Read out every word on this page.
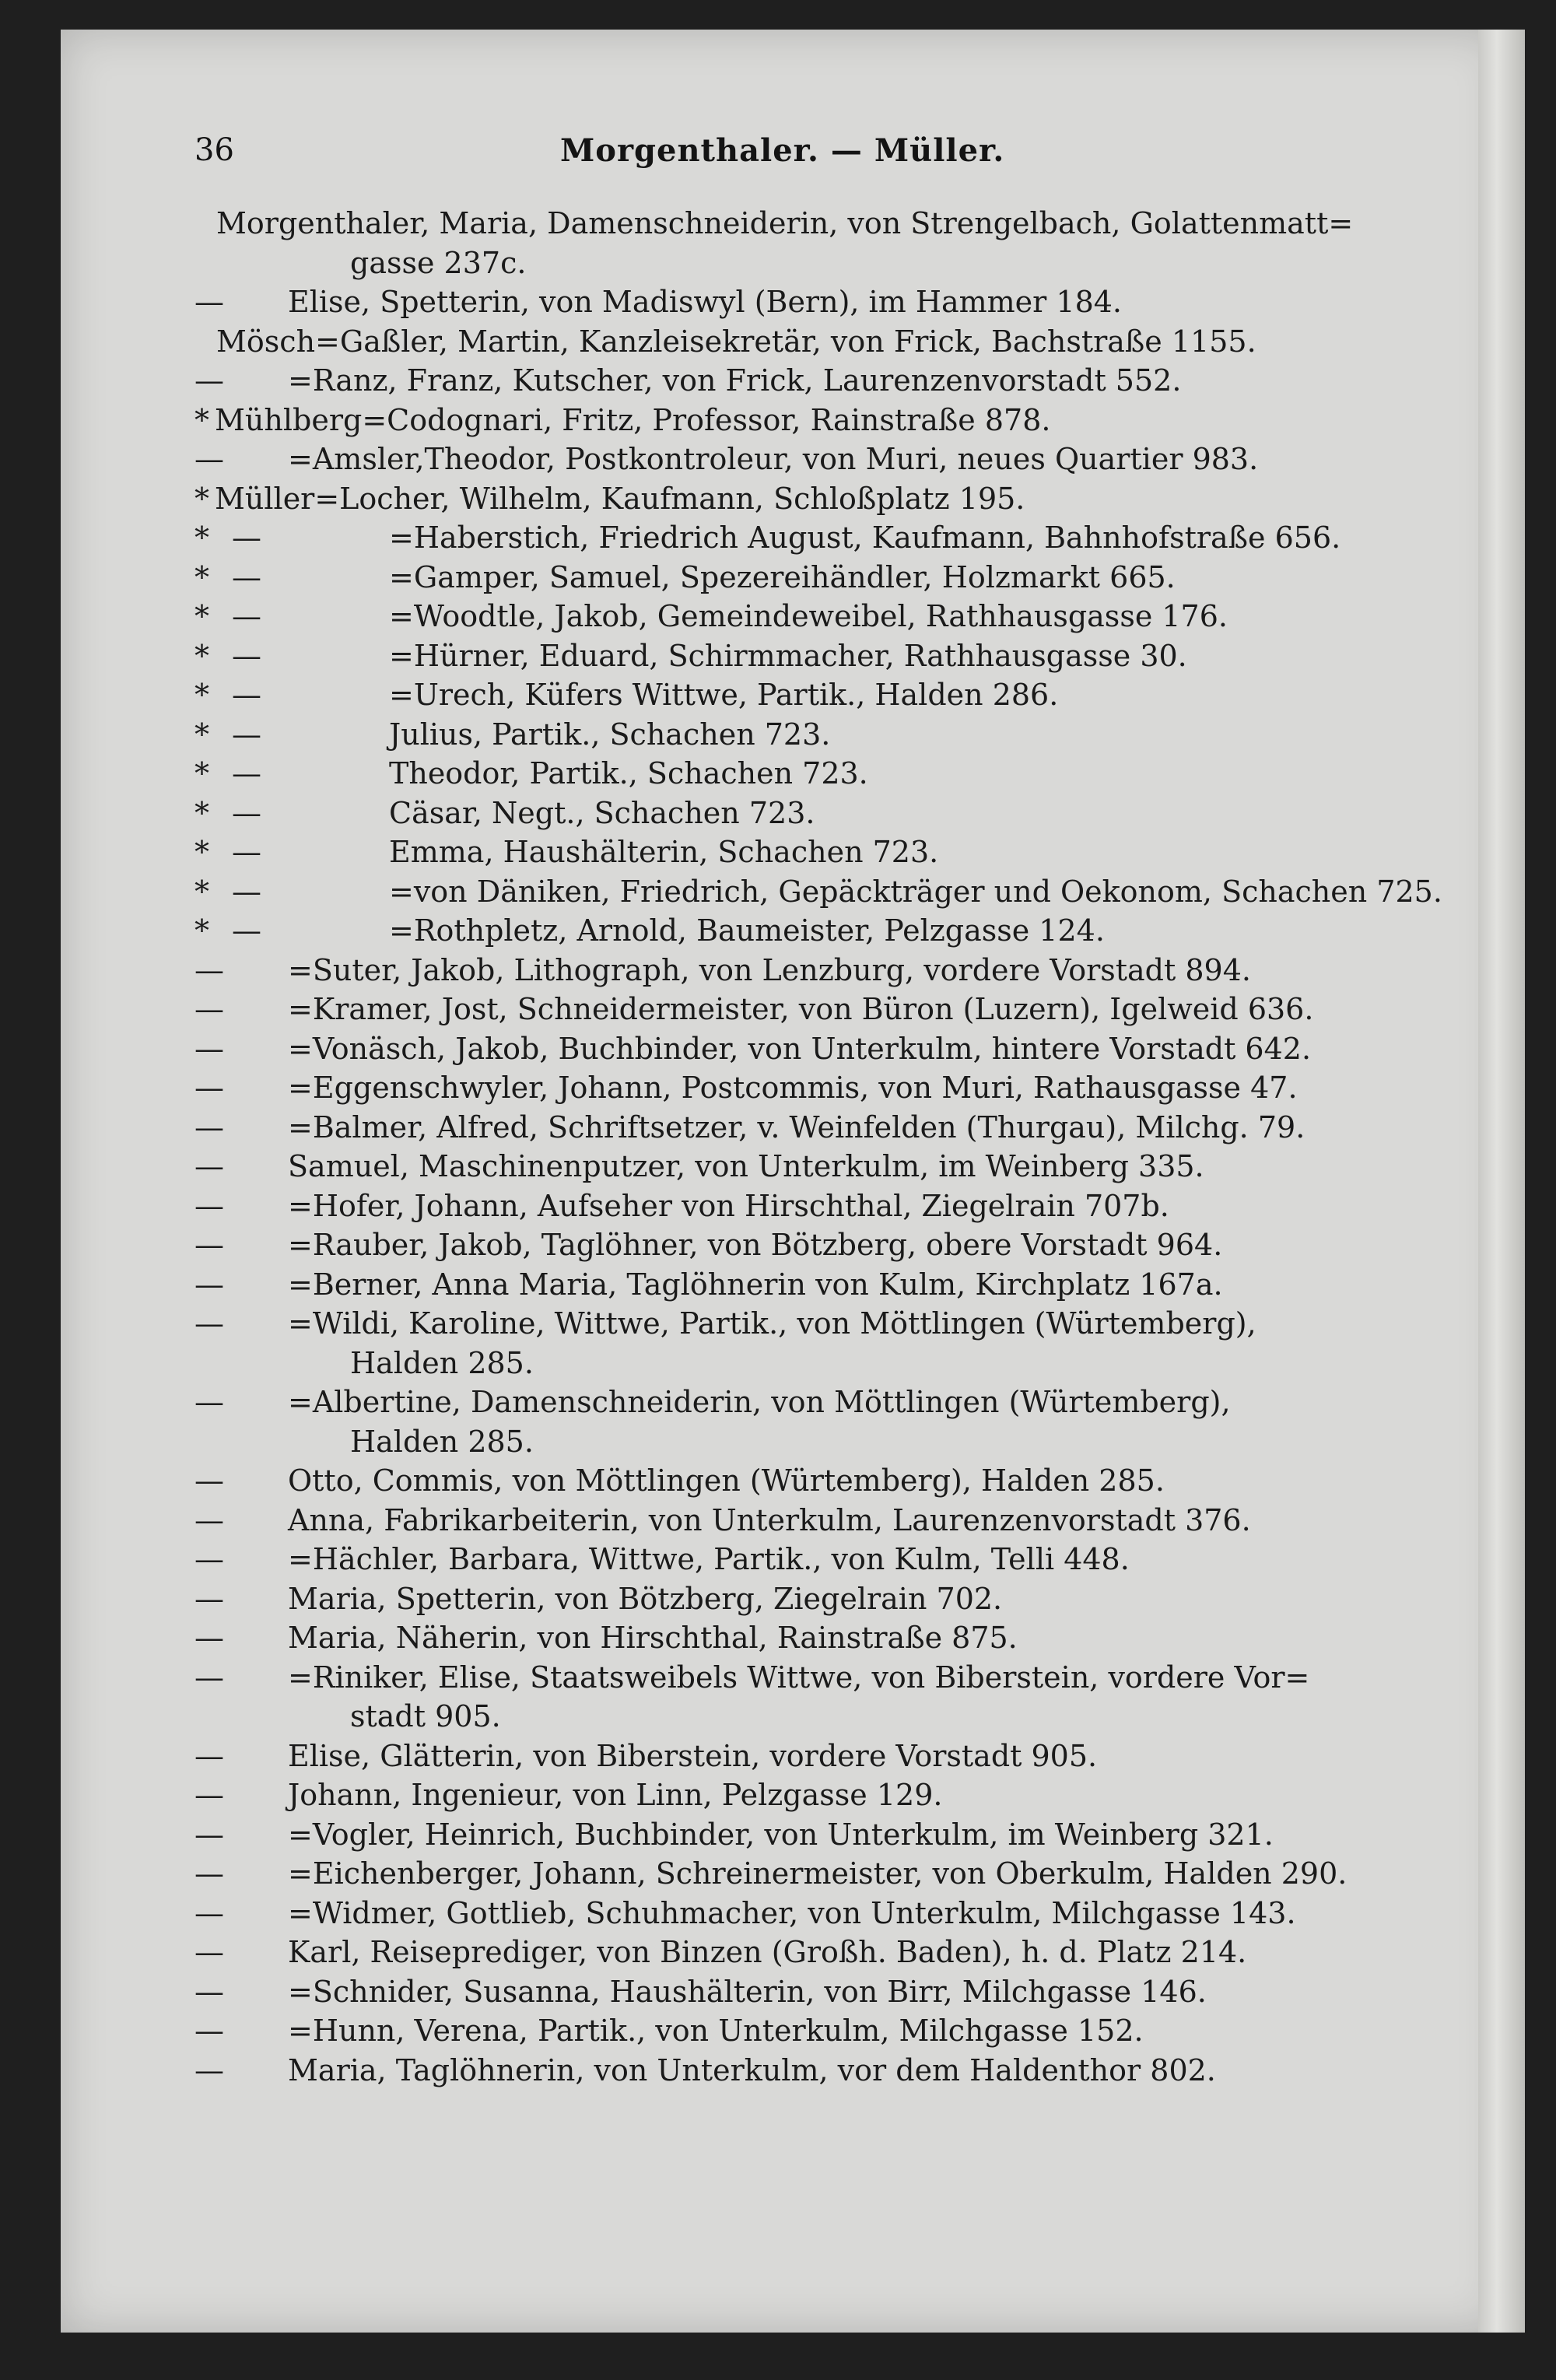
36	Morgenthaler. — Müller.
Morgenthaler, Maria, Damenschneiderin, von Strengelbach, Golattenmatt=
gasse 237c.
— Elise, Spetterin, von Madiswyl (Bern), im Hammer 184.
Mösch=Gaßler, Martin, Kanzleisekretär, von Frick, Bachstraße 1155.
— =Ranz, Franz, Kutscher, von Frick, Laurenzenvorstadt 552.
* Mühlberg=Codognari, Fritz, Professor, Rainstraße 878.
— =Amsler,Theodor, Postkontroleur, von Muri, neues Quartier 983.
* Müller=Locher, Wilhelm, Kaufmann, Schloßplatz 195.
* —	=Haberstich, Friedrich August, Kaufmann, Bahnhofstraße 656.
* —	=Gamper, Samuel, Spezereihändler, Holzmarkt 665.
* —	=Woodtle, Jakob, Gemeindeweibel, Rathhausgasse 176.
* —	=Hürner, Eduard, Schirmmacher, Rathhausgasse 30.
* —	=Urech, Küfers Wittwe, Partik., Halden 286.
* —	Julius, Partik., Schachen 723.
* —	Theodor, Partik., Schachen 723.
* —	Cäsar, Negt., Schachen 723.
* —	Emma, Haushälterin, Schachen 723.
* —	=von Däniken, Friedrich, Gepäckträger und Oekonom, Schachen 725.
* —	=Rothpletz, Arnold, Baumeister, Pelzgasse 124.
— =Suter, Jakob, Lithograph, von Lenzburg, vordere Vorstadt 894.
— =Kramer, Jost, Schneidermeister, von Büron (Luzern), Igelweid 636.
— =Vonäsch, Jakob, Buchbinder, von Unterkulm, hintere Vorstadt 642.
— =Eggenschwyler, Johann, Postcommis, von Muri, Rathausgasse 47.
— =Balmer, Alfred, Schriftsetzer, v. Weinfelden (Thurgau), Milchg. 79.
— Samuel, Maschinenputzer, von Unterkulm, im Weinberg 335.
— =Hofer, Johann, Aufseher von Hirschthal, Ziegelrain 707b.
— =Rauber, Jakob, Taglöhner, von Bötzberg, obere Vorstadt 964.
— =Berner, Anna Maria, Taglöhnerin von Kulm, Kirchplatz 167a.
— =Wildi, Karoline, Wittwe, Partik., von Möttlingen (Würtemberg),
Halden 285.
— =Albertine, Damenschneiderin, von Möttlingen (Würtemberg),
Halden 285.
— Otto, Commis, von Möttlingen (Würtemberg), Halden 285.
— Anna, Fabrikarbeiterin, von Unterkulm, Laurenzenvorstadt 376.
— =Hächler, Barbara, Wittwe, Partik., von Kulm, Telli 448.
— Maria, Spetterin, von Bötzberg, Ziegelrain 702.
— Maria, Näherin, von Hirschthal, Rainstraße 875.
— =Riniker, Elise, Staatsweibels Wittwe, von Biberstein, vordere Vor=
stadt 905.
— Elise, Glätterin, von Biberstein, vordere Vorstadt 905.
— Johann, Ingenieur, von Linn, Pelzgasse 129.
— =Vogler, Heinrich, Buchbinder, von Unterkulm, im Weinberg 321.
— =Eichenberger, Johann, Schreinermeister, von Oberkulm, Halden 290.
— =Widmer, Gottlieb, Schuhmacher, von Unterkulm, Milchgasse 143.
— Karl, Reiseprediger, von Binzen (Großh. Baden), h. d. Platz 214.
— =Schnider, Susanna, Haushälterin, von Birr, Milchgasse 146.
— =Hunn, Verena, Partik., von Unterkulm, Milchgasse 152.
— Maria, Taglöhnerin, von Unterkulm, vor dem Haldenthor 802.
